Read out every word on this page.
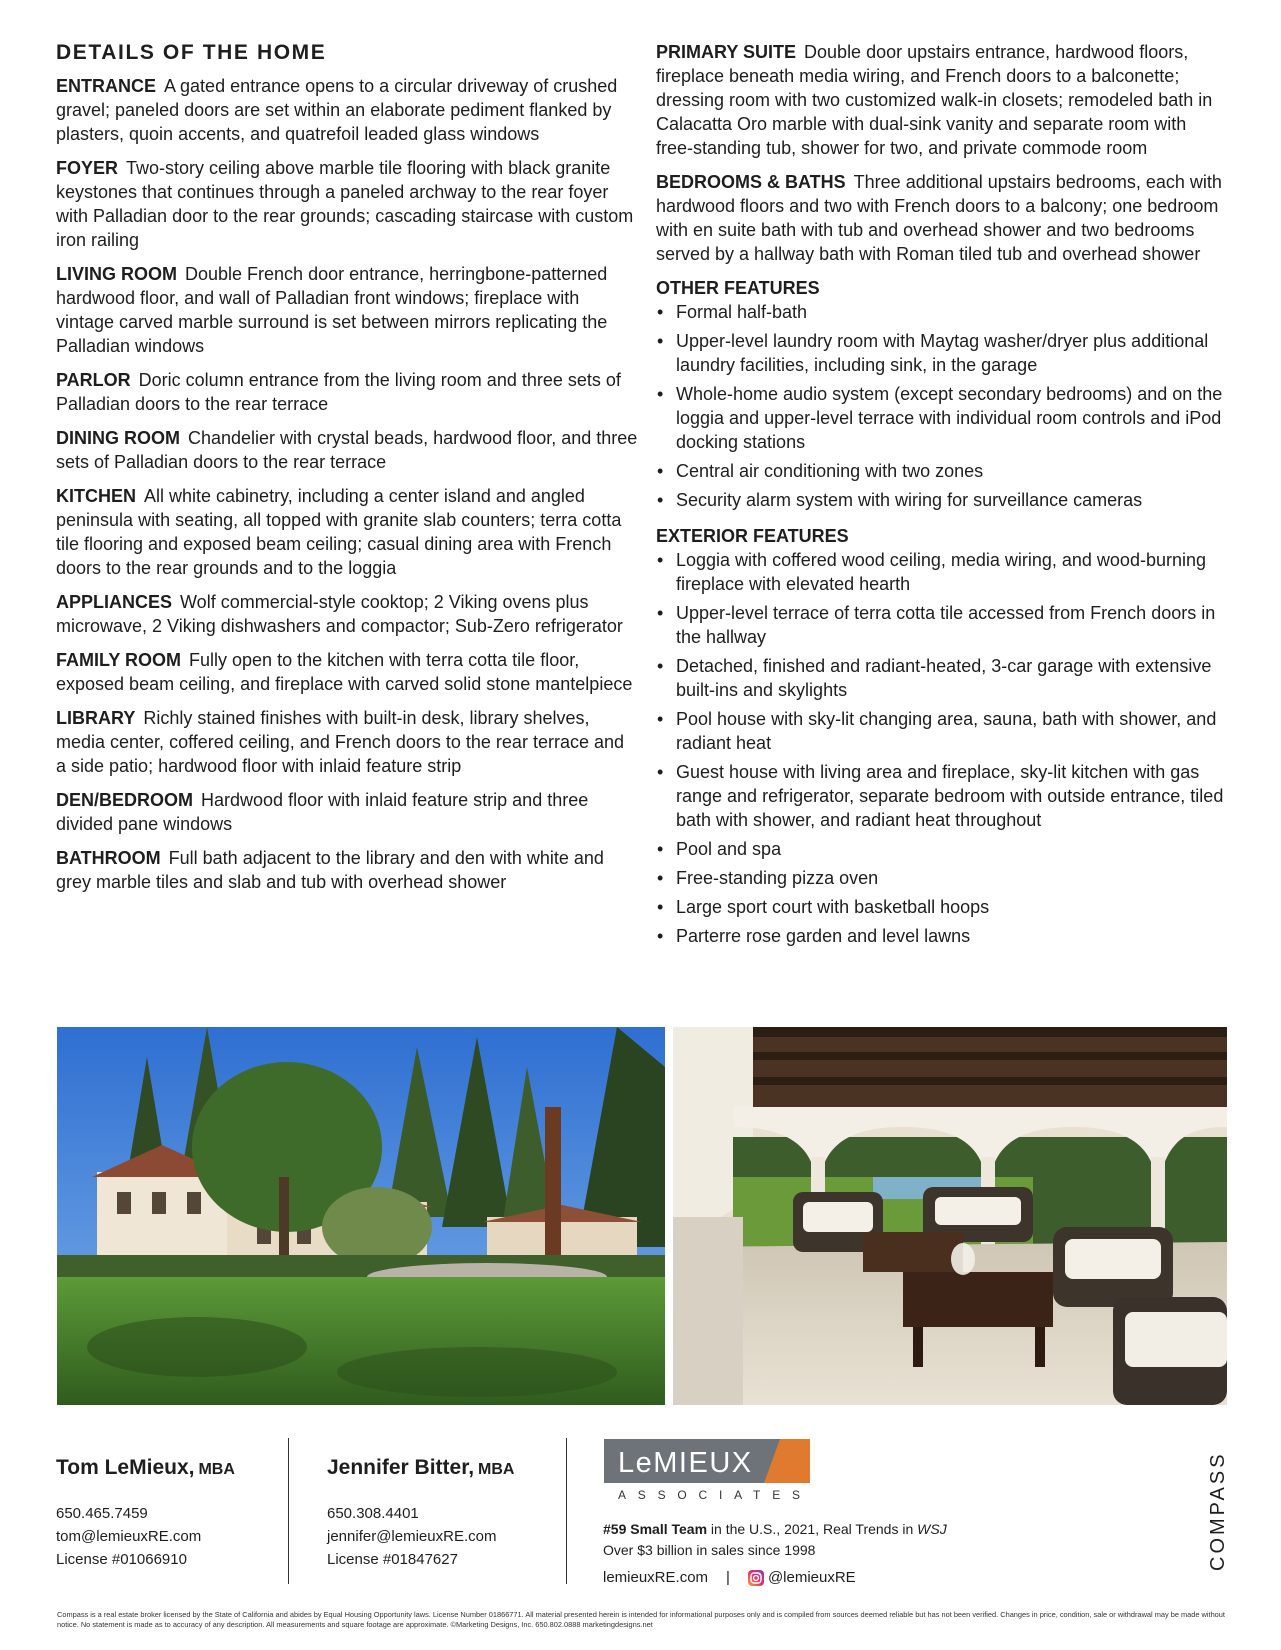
DETAILS OF THE HOME
ENTRANCE A gated entrance opens to a circular driveway of crushed gravel; paneled doors are set within an elaborate pediment flanked by plasters, quoin accents, and quatrefoil leaded glass windows
FOYER Two-story ceiling above marble tile flooring with black granite keystones that continues through a paneled archway to the rear foyer with Palladian door to the rear grounds; cascading staircase with custom iron railing
LIVING ROOM Double French door entrance, herringbone-patterned hardwood floor, and wall of Palladian front windows; fireplace with vintage carved marble surround is set between mirrors replicating the Palladian windows
PARLOR Doric column entrance from the living room and three sets of Palladian doors to the rear terrace
DINING ROOM Chandelier with crystal beads, hardwood floor, and three sets of Palladian doors to the rear terrace
KITCHEN All white cabinetry, including a center island and angled peninsula with seating, all topped with granite slab counters; terra cotta tile flooring and exposed beam ceiling; casual dining area with French doors to the rear grounds and to the loggia
APPLIANCES Wolf commercial-style cooktop; 2 Viking ovens plus microwave, 2 Viking dishwashers and compactor; Sub-Zero refrigerator
FAMILY ROOM Fully open to the kitchen with terra cotta tile floor, exposed beam ceiling, and fireplace with carved solid stone mantelpiece
LIBRARY Richly stained finishes with built-in desk, library shelves, media center, coffered ceiling, and French doors to the rear terrace and a side patio; hardwood floor with inlaid feature strip
DEN/BEDROOM Hardwood floor with inlaid feature strip and three divided pane windows
BATHROOM Full bath adjacent to the library and den with white and grey marble tiles and slab and tub with overhead shower
PRIMARY SUITE Double door upstairs entrance, hardwood floors, fireplace beneath media wiring, and French doors to a balconette; dressing room with two customized walk-in closets; remodeled bath in Calacatta Oro marble with dual-sink vanity and separate room with free-standing tub, shower for two, and private commode room
BEDROOMS & BATHS Three additional upstairs bedrooms, each with hardwood floors and two with French doors to a balcony; one bedroom with en suite bath with tub and overhead shower and two bedrooms served by a hallway bath with Roman tiled tub and overhead shower
OTHER FEATURES
• Formal half-bath
• Upper-level laundry room with Maytag washer/dryer plus additional laundry facilities, including sink, in the garage
• Whole-home audio system (except secondary bedrooms) and on the loggia and upper-level terrace with individual room controls and iPod docking stations
• Central air conditioning with two zones
• Security alarm system with wiring for surveillance cameras
EXTERIOR FEATURES
• Loggia with coffered wood ceiling, media wiring, and wood-burning fireplace with elevated hearth
• Upper-level terrace of terra cotta tile accessed from French doors in the hallway
• Detached, finished and radiant-heated, 3-car garage with extensive built-ins and skylights
• Pool house with sky-lit changing area, sauna, bath with shower, and radiant heat
• Guest house with living area and fireplace, sky-lit kitchen with gas range and refrigerator, separate bedroom with outside entrance, tiled bath with shower, and radiant heat throughout
• Pool and spa
• Free-standing pizza oven
• Large sport court with basketball hoops
• Parterre rose garden and level lawns
Tom LeMieux, MBA
650.465.7459
tom@lemieuxRE.com
License #01066910
Jennifer Bitter, MBA
650.308.4401
jennifer@lemieuxRE.com
License #01847627
LeMIEUX
ASSOCIATES
#59 Small Team in the U.S., 2021, Real Trends in WSJ
Over $3 billion in sales since 1998
lemieuxRE.com |	@lemieuxRE
COMPASS
Compass is a real estate broker licensed by the State of California and abides by Equal Housing Opportunity laws. License Number 01866771. All material presented herein is intended for informational purposes only and is compiled from sources deemed reliable but has not been verified. Changes in price, condition, sale or withdrawal may be made without notice. No statement is made as to accuracy of any description. All measurements and square footage are approximate. ©Marketing Designs, Inc. 650.802.0888 marketingdesigns.net
